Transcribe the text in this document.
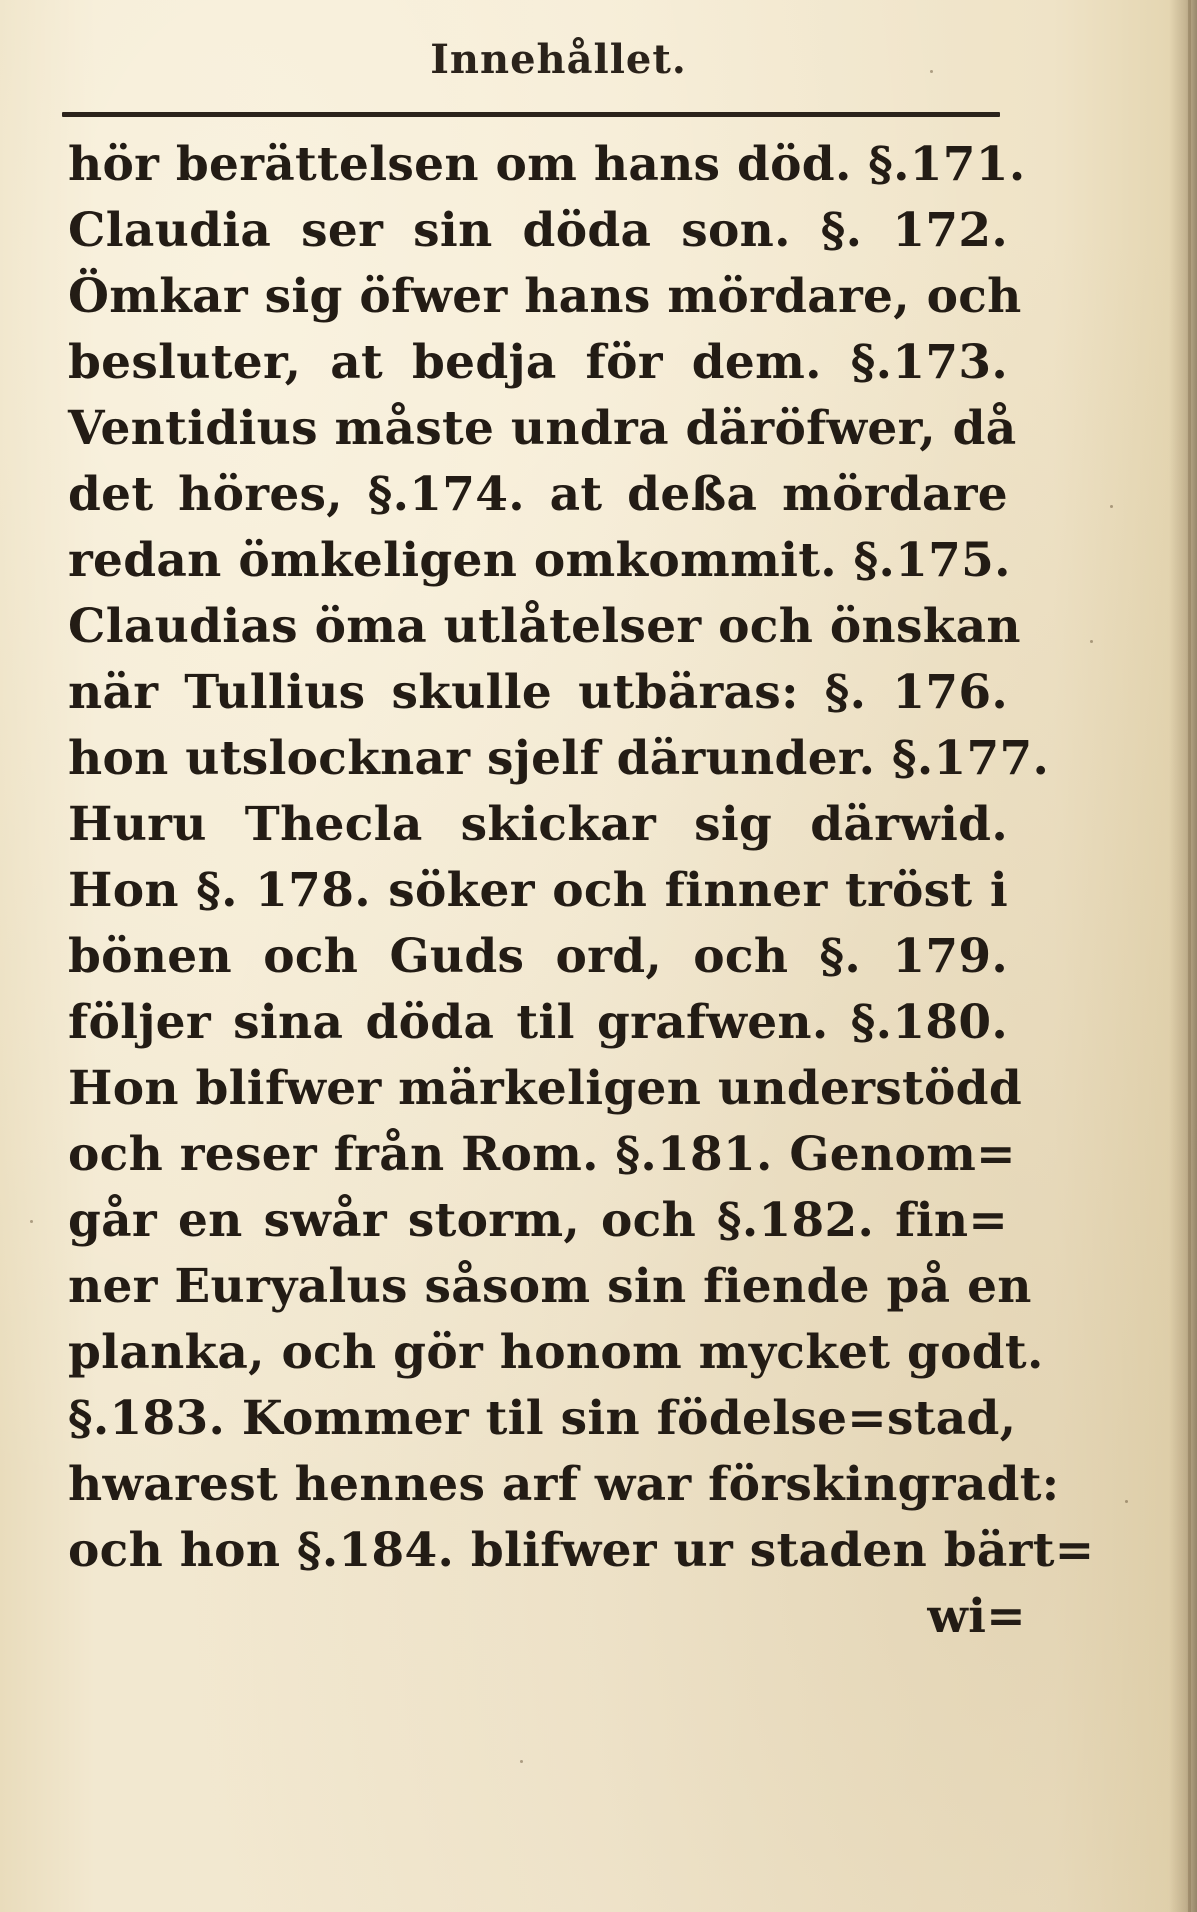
Innehållet.
hör berättelsen om hans död. §.171.
Claudia ser sin döda son. §. 172.
Ömkar sig öfwer hans mördare, och
besluter, at bedja för dem. §.173.
Ventidius måste undra däröfwer, då
det höres, §.174. at deßa mördare
redan ömkeligen omkommit. §.175.
Claudias öma utlåtelser och önskan
när Tullius skulle utbäras: §. 176.
hon utslocknar sjelf därunder. §.177.
Huru Thecla skickar sig därwid.
Hon §. 178. söker och finner tröst i
bönen och Guds ord, och §. 179.
följer sina döda til grafwen. §.180.
Hon blifwer märkeligen understödd
och reser från Rom. §.181. Genom=
går en swår storm, och §.182. fin=
ner Euryalus såsom sin fiende på en
planka, och gör honom mycket godt.
§.183. Kommer til sin födelse=stad,
hwarest hennes arf war förskingradt:
och hon §.184. blifwer ur staden bärt=
wi=
